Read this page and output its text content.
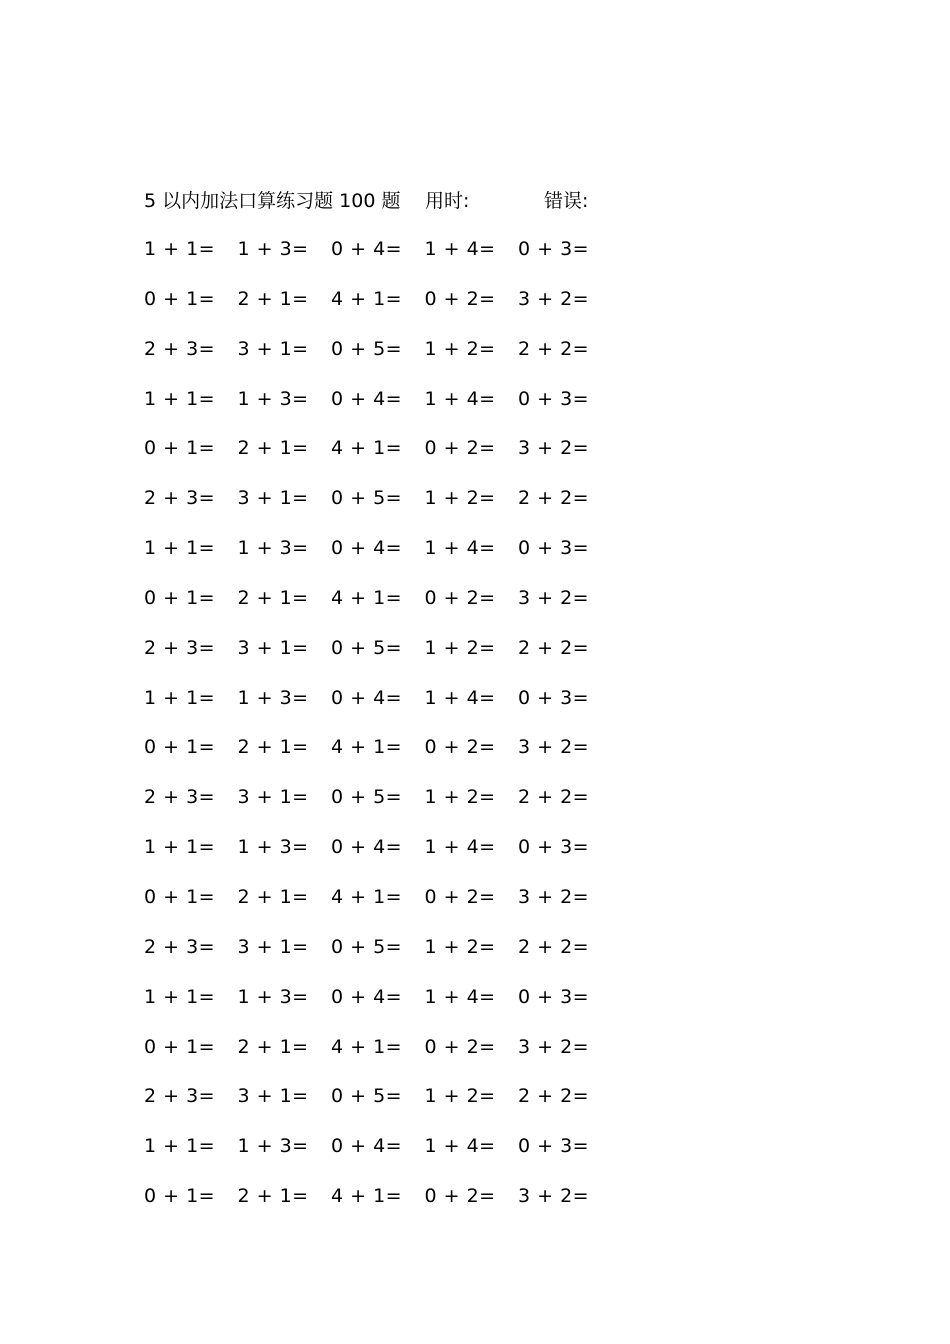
5 以内加法口算练习题 100 题 用时:	错误:
1 + 1= 1 + 3= 0 + 4= 1 + 4= 0 + 3=
0 + 1= 2 + 1= 4 + 1= 0 + 2= 3 + 2=
2 + 3= 3 + 1= 0 + 5= 1 + 2= 2 + 2=
1 + 1= 1 + 3= 0 + 4= 1 + 4= 0 + 3=
0 + 1= 2 + 1= 4 + 1= 0 + 2= 3 + 2=
2 + 3= 3 + 1= 0 + 5= 1 + 2= 2 + 2=
1 + 1= 1 + 3= 0 + 4= 1 + 4= 0 + 3=
0 + 1= 2 + 1= 4 + 1= 0 + 2= 3 + 2=
2 + 3= 3 + 1= 0 + 5= 1 + 2= 2 + 2=
1 + 1= 1 + 3= 0 + 4= 1 + 4= 0 + 3=
0 + 1= 2 + 1= 4 + 1= 0 + 2= 3 + 2=
2 + 3= 3 + 1= 0 + 5= 1 + 2= 2 + 2=
1 + 1= 1 + 3= 0 + 4= 1 + 4= 0 + 3=
0 + 1= 2 + 1= 4 + 1= 0 + 2= 3 + 2=
2 + 3= 3 + 1= 0 + 5= 1 + 2= 2 + 2=
1 + 1= 1 + 3= 0 + 4= 1 + 4= 0 + 3=
0 + 1= 2 + 1= 4 + 1= 0 + 2= 3 + 2=
2 + 3= 3 + 1= 0 + 5= 1 + 2= 2 + 2=
1 + 1= 1 + 3= 0 + 4= 1 + 4= 0 + 3=
0 + 1= 2 + 1= 4 + 1= 0 + 2= 3 + 2=
